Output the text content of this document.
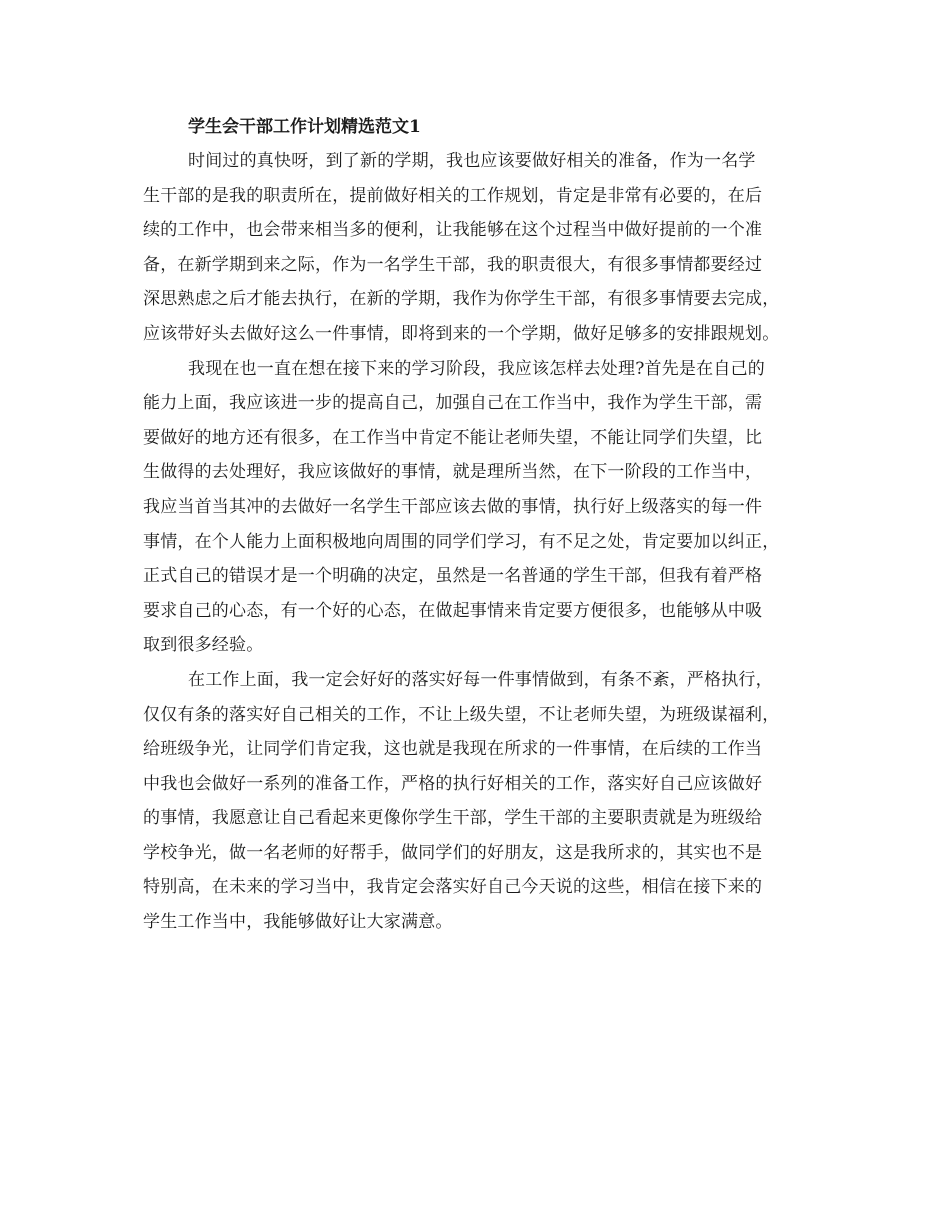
学生会干部工作计划精选范文1
时间过的真快呀，到了新的学期，我也应该要做好相关的准备，作为一名学
生干部的是我的职责所在，提前做好相关的工作规划，肯定是非常有必要的，在后
续的工作中，也会带来相当多的便利，让我能够在这个过程当中做好提前的一个准
备，在新学期到来之际，作为一名学生干部，我的职责很大，有很多事情都要经过
深思熟虑之后才能去执行，在新的学期，我作为你学生干部，有很多事情要去完成，
应该带好头去做好这么一件事情，即将到来的一个学期，做好足够多的安排跟规划。
我现在也一直在想在接下来的学习阶段，我应该怎样去处理?首先是在自己的
能力上面，我应该进一步的提高自己，加强自己在工作当中，我作为学生干部，需
要做好的地方还有很多，在工作当中肯定不能让老师失望，不能让同学们失望，比
生做得的去处理好，我应该做好的事情，就是理所当然，在下一阶段的工作当中，
我应当首当其冲的去做好一名学生干部应该去做的事情，执行好上级落实的每一件
事情，在个人能力上面积极地向周围的同学们学习，有不足之处，肯定要加以纠正，
正式自己的错误才是一个明确的决定，虽然是一名普通的学生干部，但我有着严格
要求自己的心态，有一个好的心态，在做起事情来肯定要方便很多，也能够从中吸
取到很多经验。
在工作上面，我一定会好好的落实好每一件事情做到，有条不紊，严格执行，
仅仅有条的落实好自己相关的工作，不让上级失望，不让老师失望，为班级谋福利，
给班级争光，让同学们肯定我，这也就是我现在所求的一件事情，在后续的工作当
中我也会做好一系列的准备工作，严格的执行好相关的工作，落实好自己应该做好
的事情，我愿意让自己看起来更像你学生干部，学生干部的主要职责就是为班级给
学校争光，做一名老师的好帮手，做同学们的好朋友，这是我所求的，其实也不是
特别高，在未来的学习当中，我肯定会落实好自己今天说的这些，相信在接下来的
学生工作当中，我能够做好让大家满意。
